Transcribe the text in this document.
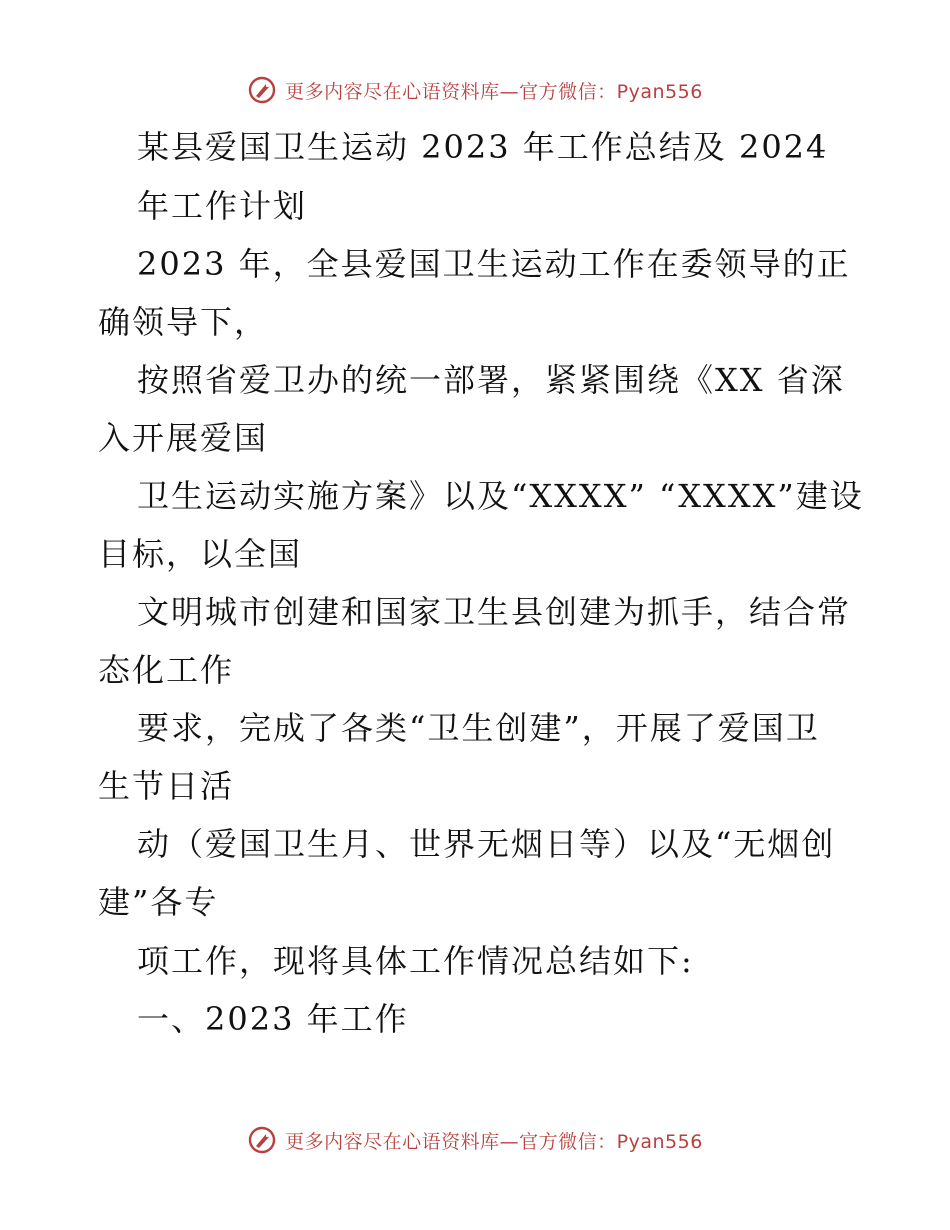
更多内容尽在心语资料库—官方微信：Pyan556
某县爱国卫生运动 2023 年工作总结及 2024
年工作计划
2023 年，全县爱国卫生运动工作在委领导的正
确领导下，
按照省爱卫办的统一部署，紧紧围绕《XX 省深
入开展爱国
卫生运动实施方案》以及“XXXX” “XXXX”建设
目标，以全国
文明城市创建和国家卫生县创建为抓手，结合常
态化工作
要求，完成了各类“卫生创建”，开展了爱国卫
生节日活
动（爱国卫生月、世界无烟日等）以及“无烟创
建”各专
项工作，现将具体工作情况总结如下:
一、2023 年工作
更多内容尽在心语资料库—官方微信：Pyan556
